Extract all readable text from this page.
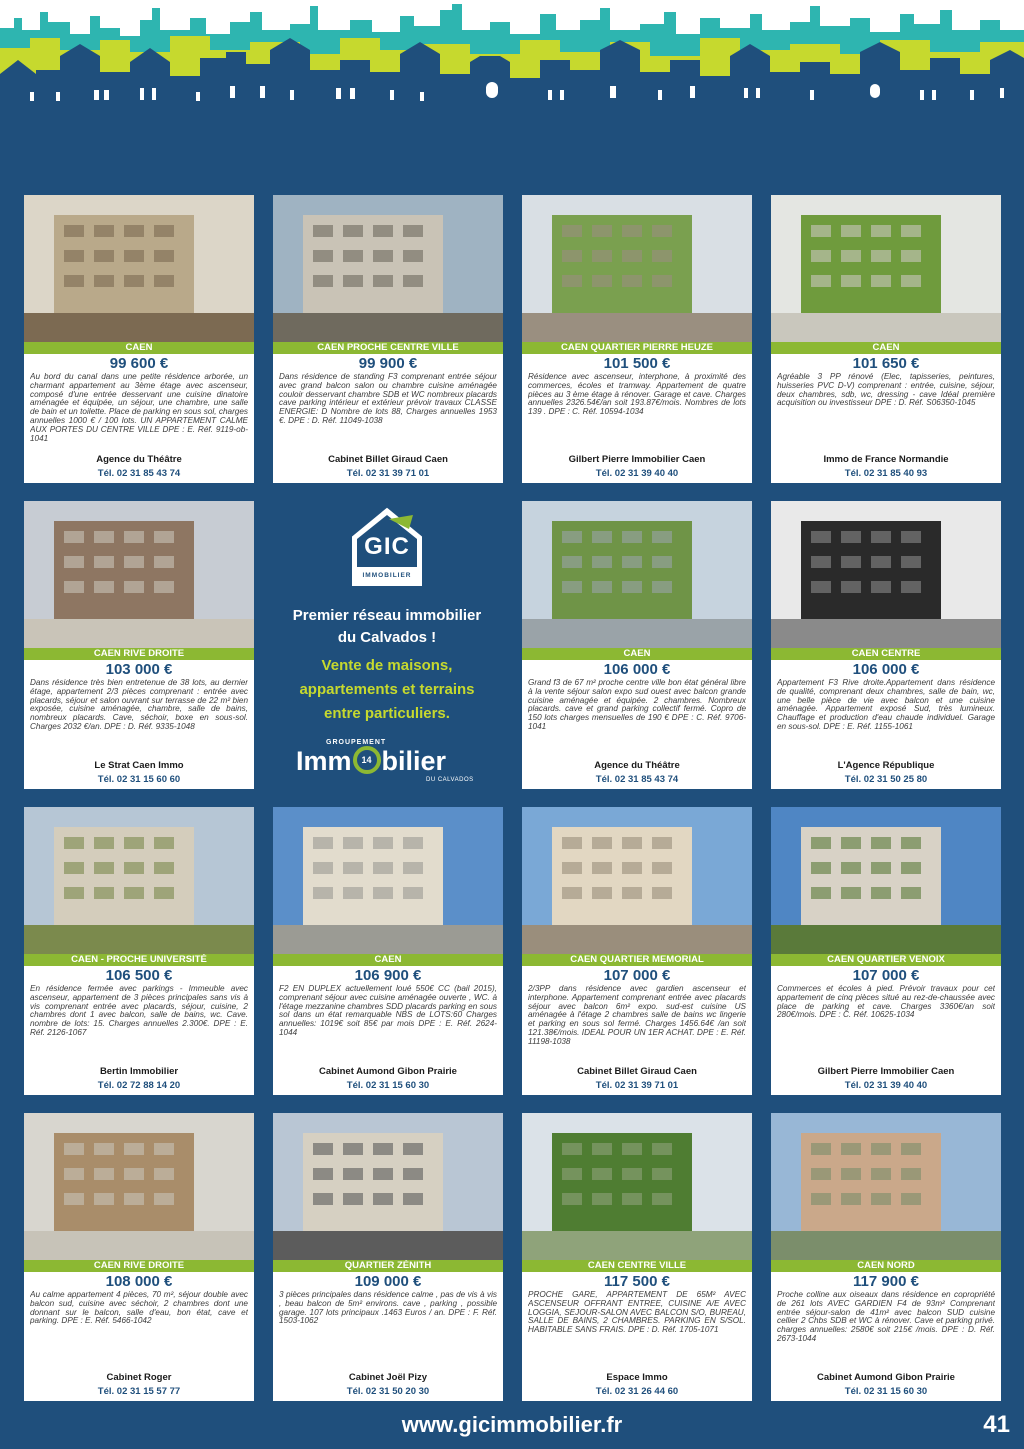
CAEN
99 600 €
Au bord du canal dans une petite résidence arborée, un charmant appartement au 3ème étage avec ascenseur, composé d'une entrée desservant une cuisine dinatoire aménagée et équipée, un séjour, une chambre, une salle de bain et un toilette. Place de parking en sous sol, charges annuelles 1000 € / 100 lots. UN APPARTEMENT CALME AUX PORTES DU CENTRE VILLE DPE : E. Réf. 9119-ob-1041
Agence du Théâtre
Tél. 02 31 85 43 74
CAEN PROCHE CENTRE VILLE
99 900 €
Dans résidence de standing F3 comprenant entrée séjour avec grand balcon salon ou chambre cuisine aménagée couloir desservant chambre SDB et WC nombreux placards cave parking intérieur et extérieur prévoir travaux CLASSE ENERGIE: D Nombre de lots 88, Charges annuelles 1953 €. DPE : D. Réf. 11049-1038
Cabinet Billet Giraud Caen
Tél. 02 31 39 71 01
CAEN QUARTIER PIERRE HEUZE
101 500 €
Résidence avec ascenseur, interphone, à proximité des commerces, écoles et tramway. Appartement de quatre pièces au 3 ème étage à rénover. Garage et cave. Charges annuelles 2326.54€/an soit 193.87€/mois. Nombres de lots 139 . DPE : C. Réf. 10594-1034
Gilbert Pierre Immobilier Caen
Tél. 02 31 39 40 40
CAEN
101 650 €
Agréable 3 PP rénové (Elec, tapisseries, peintures, huisseries PVC D-V) comprenant : entrée, cuisine, séjour, deux chambres, sdb, wc, dressing - cave Idéal première acquisition ou investisseur DPE : D. Réf. S06350-1045
Immo de France Normandie
Tél. 02 31 85 40 93
CAEN RIVE DROITE
103 000 €
Dans résidence très bien entretenue de 38 lots, au dernier étage, appartement 2/3 pièces comprenant : entrée avec placards, séjour et salon ouvrant sur terrasse de 22 m² bien exposée, cuisine aménagée, chambre, salle de bains, nombreux placards. Cave, séchoir, boxe en sous-sol. Charges 2032 €/an. DPE : D. Réf. 9335-1048
Le Strat Caen Immo
Tél. 02 31 15 60 60
CAEN
106 000 €
Grand f3 de 67 m² proche centre ville bon état général libre à la vente séjour salon expo sud ouest avec balcon grande cuisine aménagée et équipée. 2 chambres. Nombreux placards. cave et grand parking collectif fermé. Copro de 150 lots charges mensuelles de 190 € DPE : C. Réf. 9706-1041
Agence du Théâtre
Tél. 02 31 85 43 74
CAEN CENTRE
106 000 €
Appartement F3 Rive droite.Appartement dans résidence de qualité, comprenant deux chambres, salle de bain, wc, une belle pièce de vie avec balcon et une cuisine aménagée. Appartement exposé Sud, très lumineux. Chauffage et production d'eau chaude individuel. Garage en sous-sol. DPE : E. Réf. 1155-1061
L'Agence République
Tél. 02 31 50 25 80
CAEN - PROCHE UNIVERSITÉ
106 500 €
En résidence fermée avec parkings - Immeuble avec ascenseur, appartement de 3 pièces principales sans vis à vis comprenant entrée avec placards, séjour, cuisine, 2 chambres dont 1 avec balcon, salle de bains, wc. Cave. nombre de lots: 15. Charges annuelles 2.300€. DPE : E. Réf. 2126-1067
Bertin Immobilier
Tél. 02 72 88 14 20
CAEN
106 900 €
F2 EN DUPLEX actuellement loué 550€ CC (bail 2015), comprenant séjour avec cuisine aménagée ouverte , WC. à l'étage mezzanine chambres SDD placards parking en sous sol dans un état remarquable NBS de LOTS:60 Charges annuelles: 1019€ soit 85€ par mois DPE : E. Réf. 2624-1044
Cabinet Aumond Gibon Prairie
Tél. 02 31 15 60 30
CAEN QUARTIER MEMORIAL
107 000 €
2/3PP dans résidence avec gardien ascenseur et interphone. Appartement comprenant entrée avec placards séjour avec balcon 6m² expo. sud-est cuisine US aménagée à l'étage 2 chambres salle de bains wc lingerie et parking en sous sol fermé. Charges 1456.64€ /an soit 121.38€/mois. IDEAL POUR UN 1ER ACHAT. DPE : E. Réf. 11198-1038
Cabinet Billet Giraud Caen
Tél. 02 31 39 71 01
CAEN QUARTIER VENOIX
107 000 €
Commerces et écoles à pied. Prévoir travaux pour cet appartement de cinq pièces situé au rez-de-chaussée avec place de parking et cave. Charges 3360€/an soit 280€/mois. DPE : C. Réf. 10625-1034
Gilbert Pierre Immobilier Caen
Tél. 02 31 39 40 40
CAEN RIVE DROITE
108 000 €
Au calme appartement 4 pièces, 70 m², séjour double avec balcon sud, cuisine avec séchoir, 2 chambres dont une donnant sur le balcon, salle d'eau, bon état, cave et parking. DPE : E. Réf. 5466-1042
Cabinet Roger
Tél. 02 31 15 57 77
QUARTIER ZÉNITH
109 000 €
3 pièces principales dans résidence calme , pas de vis à vis , beau balcon de 5m² environs. cave , parking , possible garage. 107 lots principaux .1463 Euros / an. DPE : F. Réf. 1503-1062
Cabinet Joël Pizy
Tél. 02 31 50 20 30
CAEN CENTRE VILLE
117 500 €
PROCHE GARE, APPARTEMENT DE 65M² AVEC ASCENSEUR OFFRANT ENTREE, CUISINE A/E AVEC LOGGIA, SEJOUR-SALON AVEC BALCON S/O, BUREAU, SALLE DE BAINS, 2 CHAMBRES. PARKING EN S/SOL. HABITABLE SANS FRAIS. DPE : D. Réf. 1705-1071
Espace Immo
Tél. 02 31 26 44 60
CAEN NORD
117 900 €
Proche colline aux oiseaux dans résidence en copropriété de 261 lots AVEC GARDIEN F4 de 93m² Comprenant entrée séjour-salon de 41m² avec balcon SUD cuisine cellier 2 Chbs SDB et WC à rénover. Cave et parking privé. charges annuelles: 2580€ soit 215€ /mois. DPE : D. Réf. 2673-1044
Cabinet Aumond Gibon Prairie
Tél. 02 31 15 60 30
GIC
IMMOBILIER
Premier réseau immobilier
du Calvados !
Vente de maisons,
appartements et terrains
entre particuliers.
GROUPEMENT
Imm	14 bilier
DU CALVADOS
www.gicimmobilier.fr	41
